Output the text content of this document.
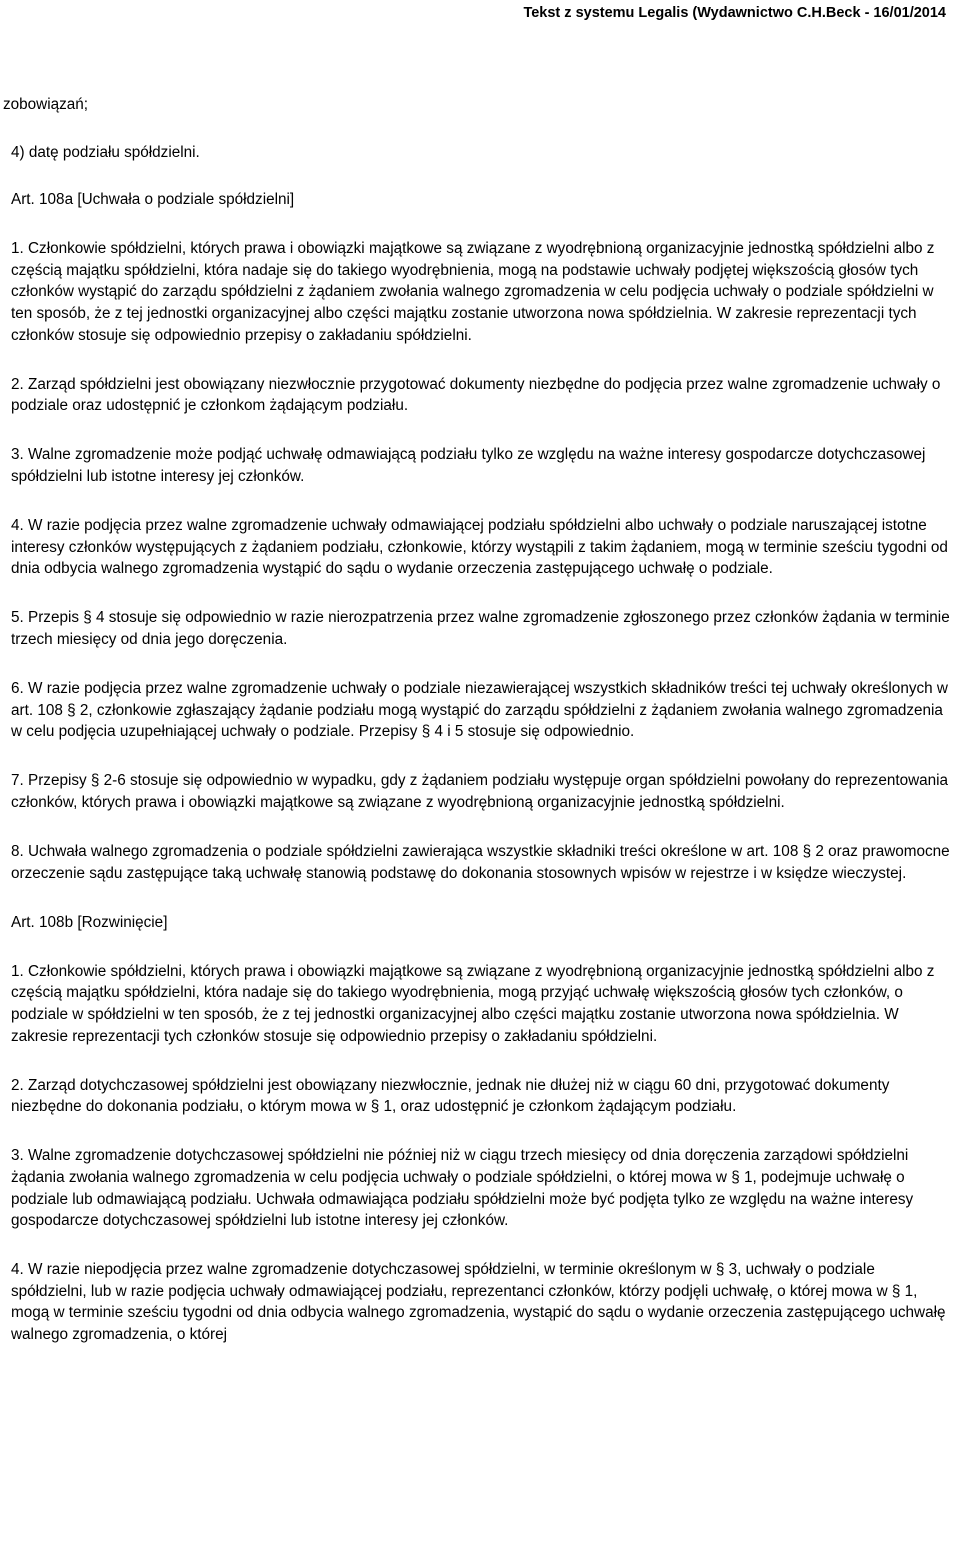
Tekst z systemu Legalis (Wydawnictwo C.H.Beck - 16/01/2014

zobowiązań;

4) datę podziału spółdzielni.

Art. 108a [Uchwała o podziale spółdzielni]

1. Członkowie spółdzielni, których prawa i obowiązki majątkowe są związane z wyodrębnioną organizacyjnie jednostką spółdzielni albo z częścią majątku spółdzielni, która nadaje się do takiego wyodrębnienia, mogą na podstawie uchwały podjętej większością głosów tych członków wystąpić do zarządu spółdzielni z żądaniem zwołania walnego zgromadzenia w celu podjęcia uchwały o podziale spółdzielni w ten sposób, że z tej jednostki organizacyjnej albo części majątku zostanie utworzona nowa spółdzielnia. W zakresie reprezentacji tych członków stosuje się odpowiednio przepisy o zakładaniu spółdzielni.
2. Zarząd spółdzielni jest obowiązany niezwłocznie przygotować dokumenty niezbędne do podjęcia przez walne zgromadzenie uchwały o podziale oraz udostępnić je członkom żądającym podziału.
3. Walne zgromadzenie może podjąć uchwałę odmawiającą podziału tylko ze względu na ważne interesy gospodarcze dotychczasowej spółdzielni lub istotne interesy jej członków.
4. W razie podjęcia przez walne zgromadzenie uchwały odmawiającej podziału spółdzielni albo uchwały o podziale naruszającej istotne interesy członków występujących z żądaniem podziału, członkowie, którzy wystąpili z takim żądaniem, mogą w terminie sześciu tygodni od dnia odbycia walnego zgromadzenia wystąpić do sądu o wydanie orzeczenia zastępującego uchwałę o podziale.
5. Przepis § 4 stosuje się odpowiednio w razie nierozpatrzenia przez walne zgromadzenie zgłoszonego przez członków żądania w terminie trzech miesięcy od dnia jego doręczenia.
6. W razie podjęcia przez walne zgromadzenie uchwały o podziale niezawierającej wszystkich składników treści tej uchwały określonych w art. 108 § 2, członkowie zgłaszający żądanie podziału mogą wystąpić do zarządu spółdzielni z żądaniem zwołania walnego zgromadzenia w celu podjęcia uzupełniającej uchwały o podziale. Przepisy § 4 i 5 stosuje się odpowiednio.
7. Przepisy § 2-6 stosuje się odpowiednio w wypadku, gdy z żądaniem podziału występuje organ spółdzielni powołany do reprezentowania członków, których prawa i obowiązki majątkowe są związane z wyodrębnioną organizacyjnie jednostką spółdzielni.
8. Uchwała walnego zgromadzenia o podziale spółdzielni zawierająca wszystkie składniki treści określone w art. 108 § 2 oraz prawomocne orzeczenie sądu zastępujące taką uchwałę stanowią podstawę do dokonania stosownych wpisów w rejestrze i w księdze wieczystej.

Art. 108b [Rozwinięcie]

1. Członkowie spółdzielni, których prawa i obowiązki majątkowe są związane z wyodrębnioną organizacyjnie jednostką spółdzielni albo z częścią majątku spółdzielni, która nadaje się do takiego wyodrębnienia, mogą przyjąć uchwałę większością głosów tych członków, o podziale w spółdzielni w ten sposób, że z tej jednostki organizacyjnej albo części majątku zostanie utworzona nowa spółdzielnia. W zakresie reprezentacji tych członków stosuje się odpowiednio przepisy o zakładaniu spółdzielni.
2. Zarząd dotychczasowej spółdzielni jest obowiązany niezwłocznie, jednak nie dłużej niż w ciągu 60 dni, przygotować dokumenty niezbędne do dokonania podziału, o którym mowa w § 1, oraz udostępnić je członkom żądającym podziału.
3. Walne zgromadzenie dotychczasowej spółdzielni nie później niż w ciągu trzech miesięcy od dnia doręczenia zarządowi spółdzielni żądania zwołania walnego zgromadzenia w celu podjęcia uchwały o podziale spółdzielni, o której mowa w § 1, podejmuje uchwałę o podziale lub odmawiającą podziału. Uchwała odmawiająca podziału spółdzielni może być podjęta tylko ze względu na ważne interesy gospodarcze dotychczasowej spółdzielni lub istotne interesy jej członków.
4. W razie niepodjęcia przez walne zgromadzenie dotychczasowej spółdzielni, w terminie określonym w § 3, uchwały o podziale spółdzielni, lub w razie podjęcia uchwały odmawiającej podziału, reprezentanci członków, którzy podjęli uchwałę, o której mowa w § 1, mogą w terminie sześciu tygodni od dnia odbycia walnego zgromadzenia, wystąpić do sądu o wydanie orzeczenia zastępującego uchwałę walnego zgromadzenia, o której
